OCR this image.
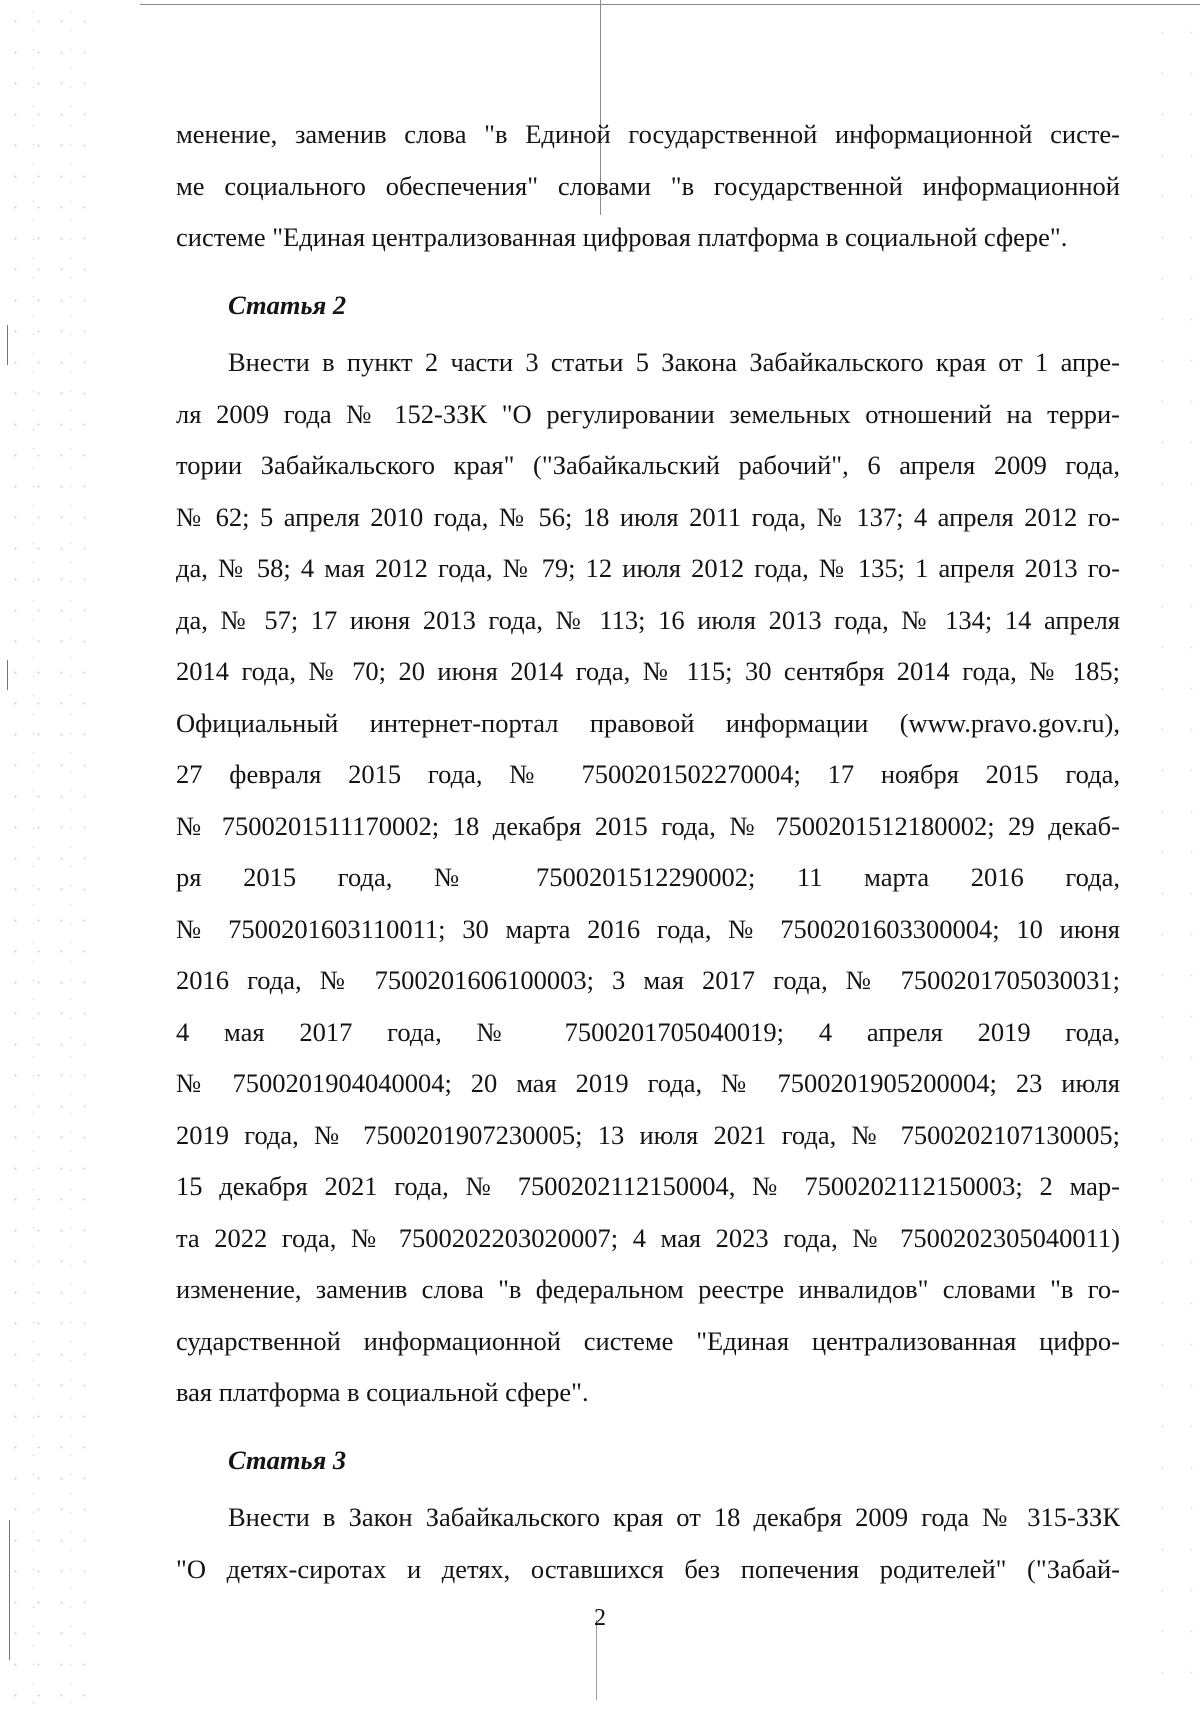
менение, заменив слова "в Единой государственной информационной систе-
ме социального обеспечения" словами "в государственной информационной
системе "Единая централизованная цифровая платформа в социальной сфере".
Статья 2
Внести в пункт 2 части 3 статьи 5 Закона Забайкальского края от 1 апре-
ля 2009 года № 152-ЗЗК "О регулировании земельных отношений на терри-
тории Забайкальского края" ("Забайкальский рабочий", 6 апреля 2009 года,
№ 62; 5 апреля 2010 года, № 56; 18 июля 2011 года, № 137; 4 апреля 2012 го-
да, № 58; 4 мая 2012 года, № 79; 12 июля 2012 года, № 135; 1 апреля 2013 го-
да, № 57; 17 июня 2013 года, № 113; 16 июля 2013 года, № 134; 14 апреля
2014 года, № 70; 20 июня 2014 года, № 115; 30 сентября 2014 года, № 185;
Официальный интернет-портал правовой информации (www.pravo.gov.ru),
27 февраля 2015 года, № 7500201502270004; 17 ноября 2015 года,
№ 7500201511170002; 18 декабря 2015 года, № 7500201512180002; 29 декаб-
ря 2015 года, № 7500201512290002; 11 марта 2016 года,
№ 7500201603110011; 30 марта 2016 года, № 7500201603300004; 10 июня
2016 года, № 7500201606100003; 3 мая 2017 года, № 7500201705030031;
4 мая 2017 года, № 7500201705040019; 4 апреля 2019 года,
№ 7500201904040004; 20 мая 2019 года, № 7500201905200004; 23 июля
2019 года, № 7500201907230005; 13 июля 2021 года, № 7500202107130005;
15 декабря 2021 года, № 7500202112150004, № 7500202112150003; 2 мар-
та 2022 года, № 7500202203020007; 4 мая 2023 года, № 7500202305040011)
изменение, заменив слова "в федеральном реестре инвалидов" словами "в го-
сударственной информационной системе "Единая централизованная цифро-
вая платформа в социальной сфере".
Статья 3
Внести в Закон Забайкальского края от 18 декабря 2009 года № 315-ЗЗК
"О детях-сиротах и детях, оставшихся без попечения родителей" ("Забай-
2
